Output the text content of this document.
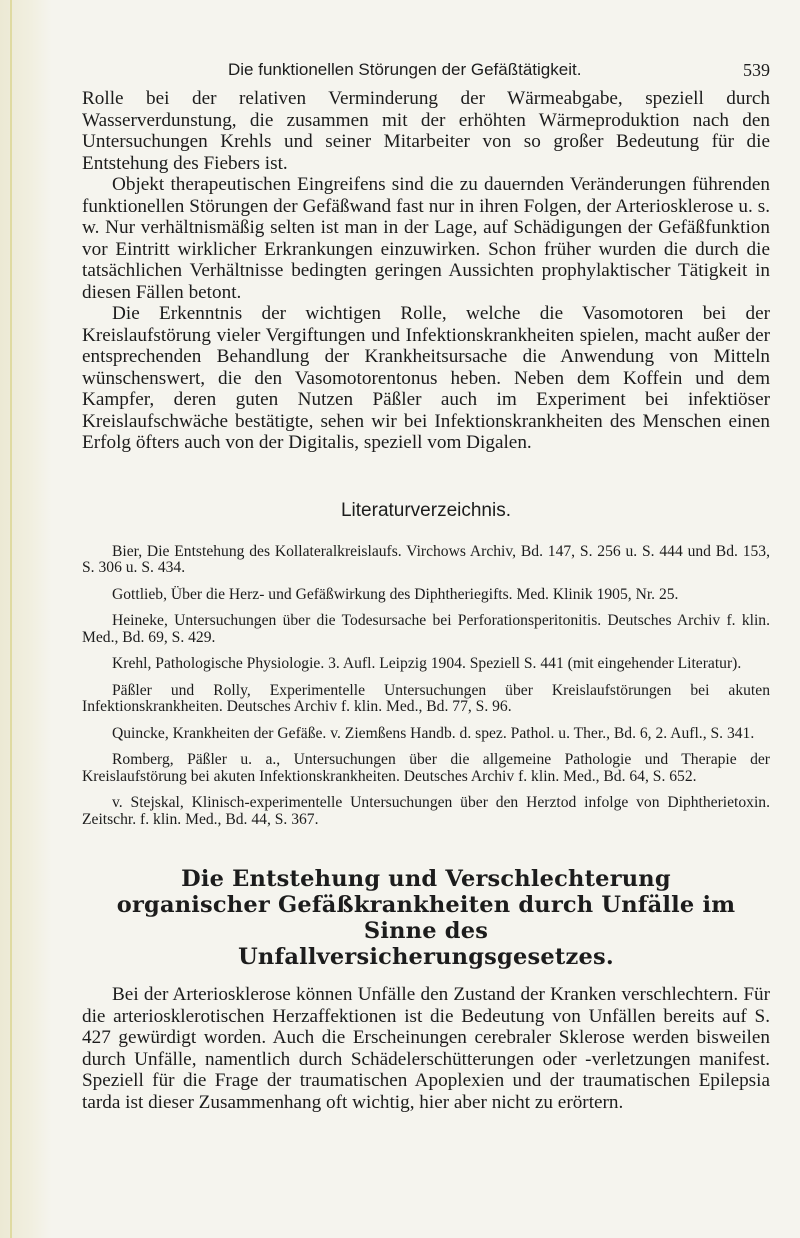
Die funktionellen Störungen der Gefäßtätigkeit.	539

Rolle bei der relativen Verminderung der Wärmeabgabe, speziell durch Wasserverdunstung, die zusammen mit der erhöhten Wärmeproduktion nach den Untersuchungen Krehls und seiner Mitarbeiter von so großer Bedeutung für die Entstehung des Fiebers ist.

Objekt therapeutischen Eingreifens sind die zu dauernden Veränderungen führenden funktionellen Störungen der Gefäßwand fast nur in ihren Folgen, der Arteriosklerose u. s. w. Nur verhältnismäßig selten ist man in der Lage, auf Schädigungen der Gefäßfunktion vor Eintritt wirklicher Erkrankungen einzuwirken. Schon früher wurden die durch die tatsächlichen Verhältnisse bedingten geringen Aussichten prophylaktischer Tätigkeit in diesen Fällen betont.

Die Erkenntnis der wichtigen Rolle, welche die Vasomotoren bei der Kreislaufstörung vieler Vergiftungen und Infektionskrankheiten spielen, macht außer der entsprechenden Behandlung der Krankheitsursache die Anwendung von Mitteln wünschenswert, die den Vasomotorentonus heben. Neben dem Koffein und dem Kampfer, deren guten Nutzen Päßler auch im Experiment bei infektiöser Kreislaufschwäche bestätigte, sehen wir bei Infektionskrankheiten des Menschen einen Erfolg öfters auch von der Digitalis, speziell vom Digalen.

Literaturverzeichnis.

Bier, Die Entstehung des Kollateralkreislaufs. Virchows Archiv, Bd. 147, S. 256 u. S. 444 und Bd. 153, S. 306 u. S. 434.

Gottlieb, Über die Herz- und Gefäßwirkung des Diphtheriegifts. Med. Klinik 1905, Nr. 25.

Heineke, Untersuchungen über die Todesursache bei Perforationsperitonitis. Deutsches Archiv f. klin. Med., Bd. 69, S. 429.

Krehl, Pathologische Physiologie. 3. Aufl. Leipzig 1904. Speziell S. 441 (mit eingehender Literatur).

Päßler und Rolly, Experimentelle Untersuchungen über Kreislaufstörungen bei akuten Infektionskrankheiten. Deutsches Archiv f. klin. Med., Bd. 77, S. 96.

Quincke, Krankheiten der Gefäße. v. Ziemßens Handb. d. spez. Pathol. u. Ther., Bd. 6, 2. Aufl., S. 341.

Romberg, Päßler u. a., Untersuchungen über die allgemeine Pathologie und Therapie der Kreislaufstörung bei akuten Infektionskrankheiten. Deutsches Archiv f. klin. Med., Bd. 64, S. 652.

v. Stejskal, Klinisch-experimentelle Untersuchungen über den Herztod infolge von Diphtherietoxin. Zeitschr. f. klin. Med., Bd. 44, S. 367.

Die Entstehung und Verschlechterung
organischer Gefäßkrankheiten durch Unfälle im Sinne des
Unfallversicherungsgesetzes.

Bei der Arteriosklerose können Unfälle den Zustand der Kranken verschlechtern. Für die arteriosklerotischen Herzaffektionen ist die Bedeutung von Unfällen bereits auf S. 427 gewürdigt worden. Auch die Erscheinungen cerebraler Sklerose werden bisweilen durch Unfälle, namentlich durch Schädelerschütterungen oder -verletzungen manifest. Speziell für die Frage der traumatischen Apoplexien und der traumatischen Epilepsia tarda ist dieser Zusammenhang oft wichtig, hier aber nicht zu erörtern.
